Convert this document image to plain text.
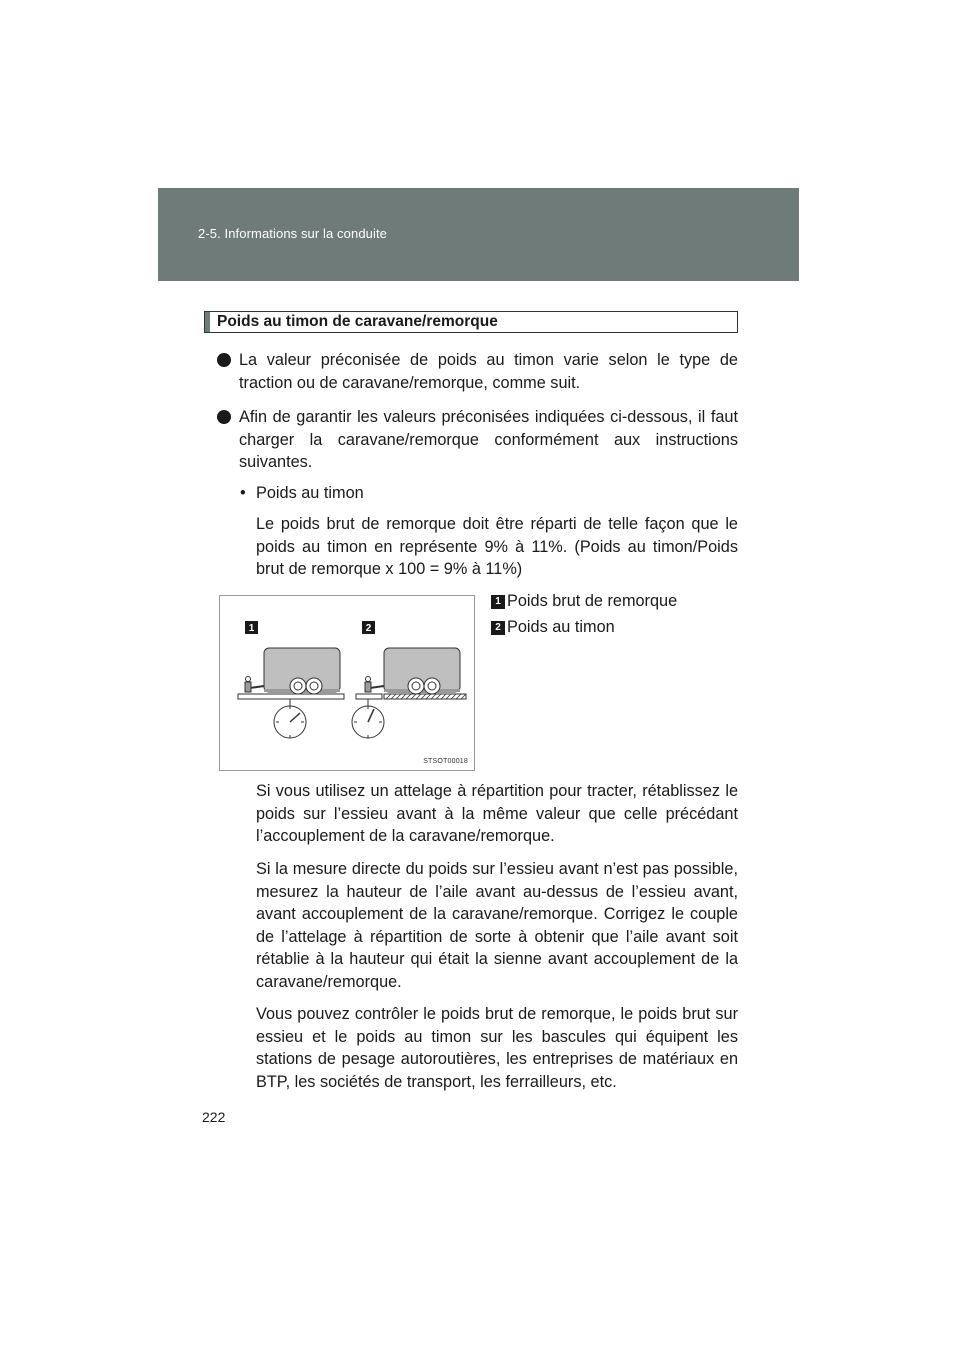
2-5. Informations sur la conduite
Poids au timon de caravane/remorque
La valeur préconisée de poids au timon varie selon le type de traction ou de caravane/remorque, comme suit.
Afin de garantir les valeurs préconisées indiquées ci-dessous, il faut charger la caravane/remorque conformément aux instructions suivantes.
• Poids au timon
Le poids brut de remorque doit être réparti de telle façon que le poids au timon en représente 9% à 11%. (Poids au timon/Poids brut de remorque x 100 = 9% à 11%)
1	2
STSOT00018
1 Poids brut de remorque
2 Poids au timon
Si vous utilisez un attelage à répartition pour tracter, rétablissez le poids sur l’essieu avant à la même valeur que celle précédant l’accouplement de la caravane/remorque.
Si la mesure directe du poids sur l’essieu avant n’est pas possible, mesurez la hauteur de l’aile avant au-dessus de l’essieu avant, avant accouplement de la caravane/remorque. Corrigez le couple de l’attelage à répartition de sorte à obtenir que l’aile avant soit rétablie à la hauteur qui était la sienne avant accouplement de la caravane/remorque.
Vous pouvez contrôler le poids brut de remorque, le poids brut sur essieu et le poids au timon sur les bascules qui équipent les stations de pesage autoroutières, les entreprises de matériaux en BTP, les sociétés de transport, les ferrailleurs, etc.
222
